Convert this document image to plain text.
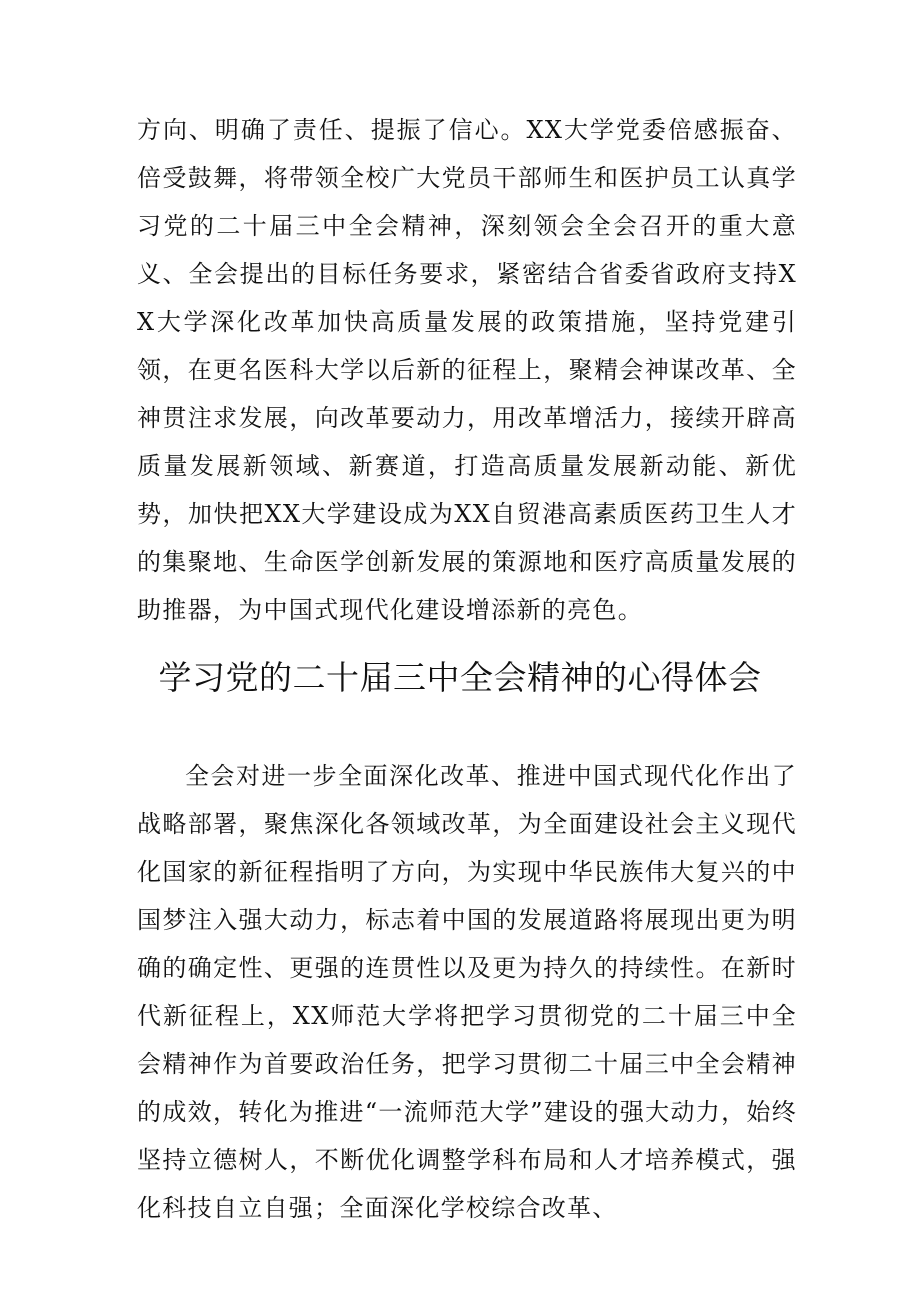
方向、明确了责任、提振了信心。XX大学党委倍感振奋、倍受鼓舞，将带领全校广大党员干部师生和医护员工认真学习党的二十届三中全会精神，深刻领会全会召开的重大意义、全会提出的目标任务要求，紧密结合省委省政府支持XX大学深化改革加快高质量发展的政策措施，坚持党建引领，在更名医科大学以后新的征程上，聚精会神谋改革、全神贯注求发展，向改革要动力，用改革增活力，接续开辟高质量发展新领域、新赛道，打造高质量发展新动能、新优势，加快把XX大学建设成为XX自贸港高素质医药卫生人才的集聚地、生命医学创新发展的策源地和医疗高质量发展的助推器，为中国式现代化建设增添新的亮色。

学习党的二十届三中全会精神的心得体会

全会对进一步全面深化改革、推进中国式现代化作出了战略部署，聚焦深化各领域改革，为全面建设社会主义现代化国家的新征程指明了方向，为实现中华民族伟大复兴的中国梦注入强大动力，标志着中国的发展道路将展现出更为明确的确定性、更强的连贯性以及更为持久的持续性。在新时代新征程上，XX师范大学将把学习贯彻党的二十届三中全会精神作为首要政治任务，把学习贯彻二十届三中全会精神的成效，转化为推进“一流师范大学”建设的强大动力，始终坚持立德树人，不断优化调整学科布局和人才培养模式，强化科技自立自强；全面深化学校综合改革、
